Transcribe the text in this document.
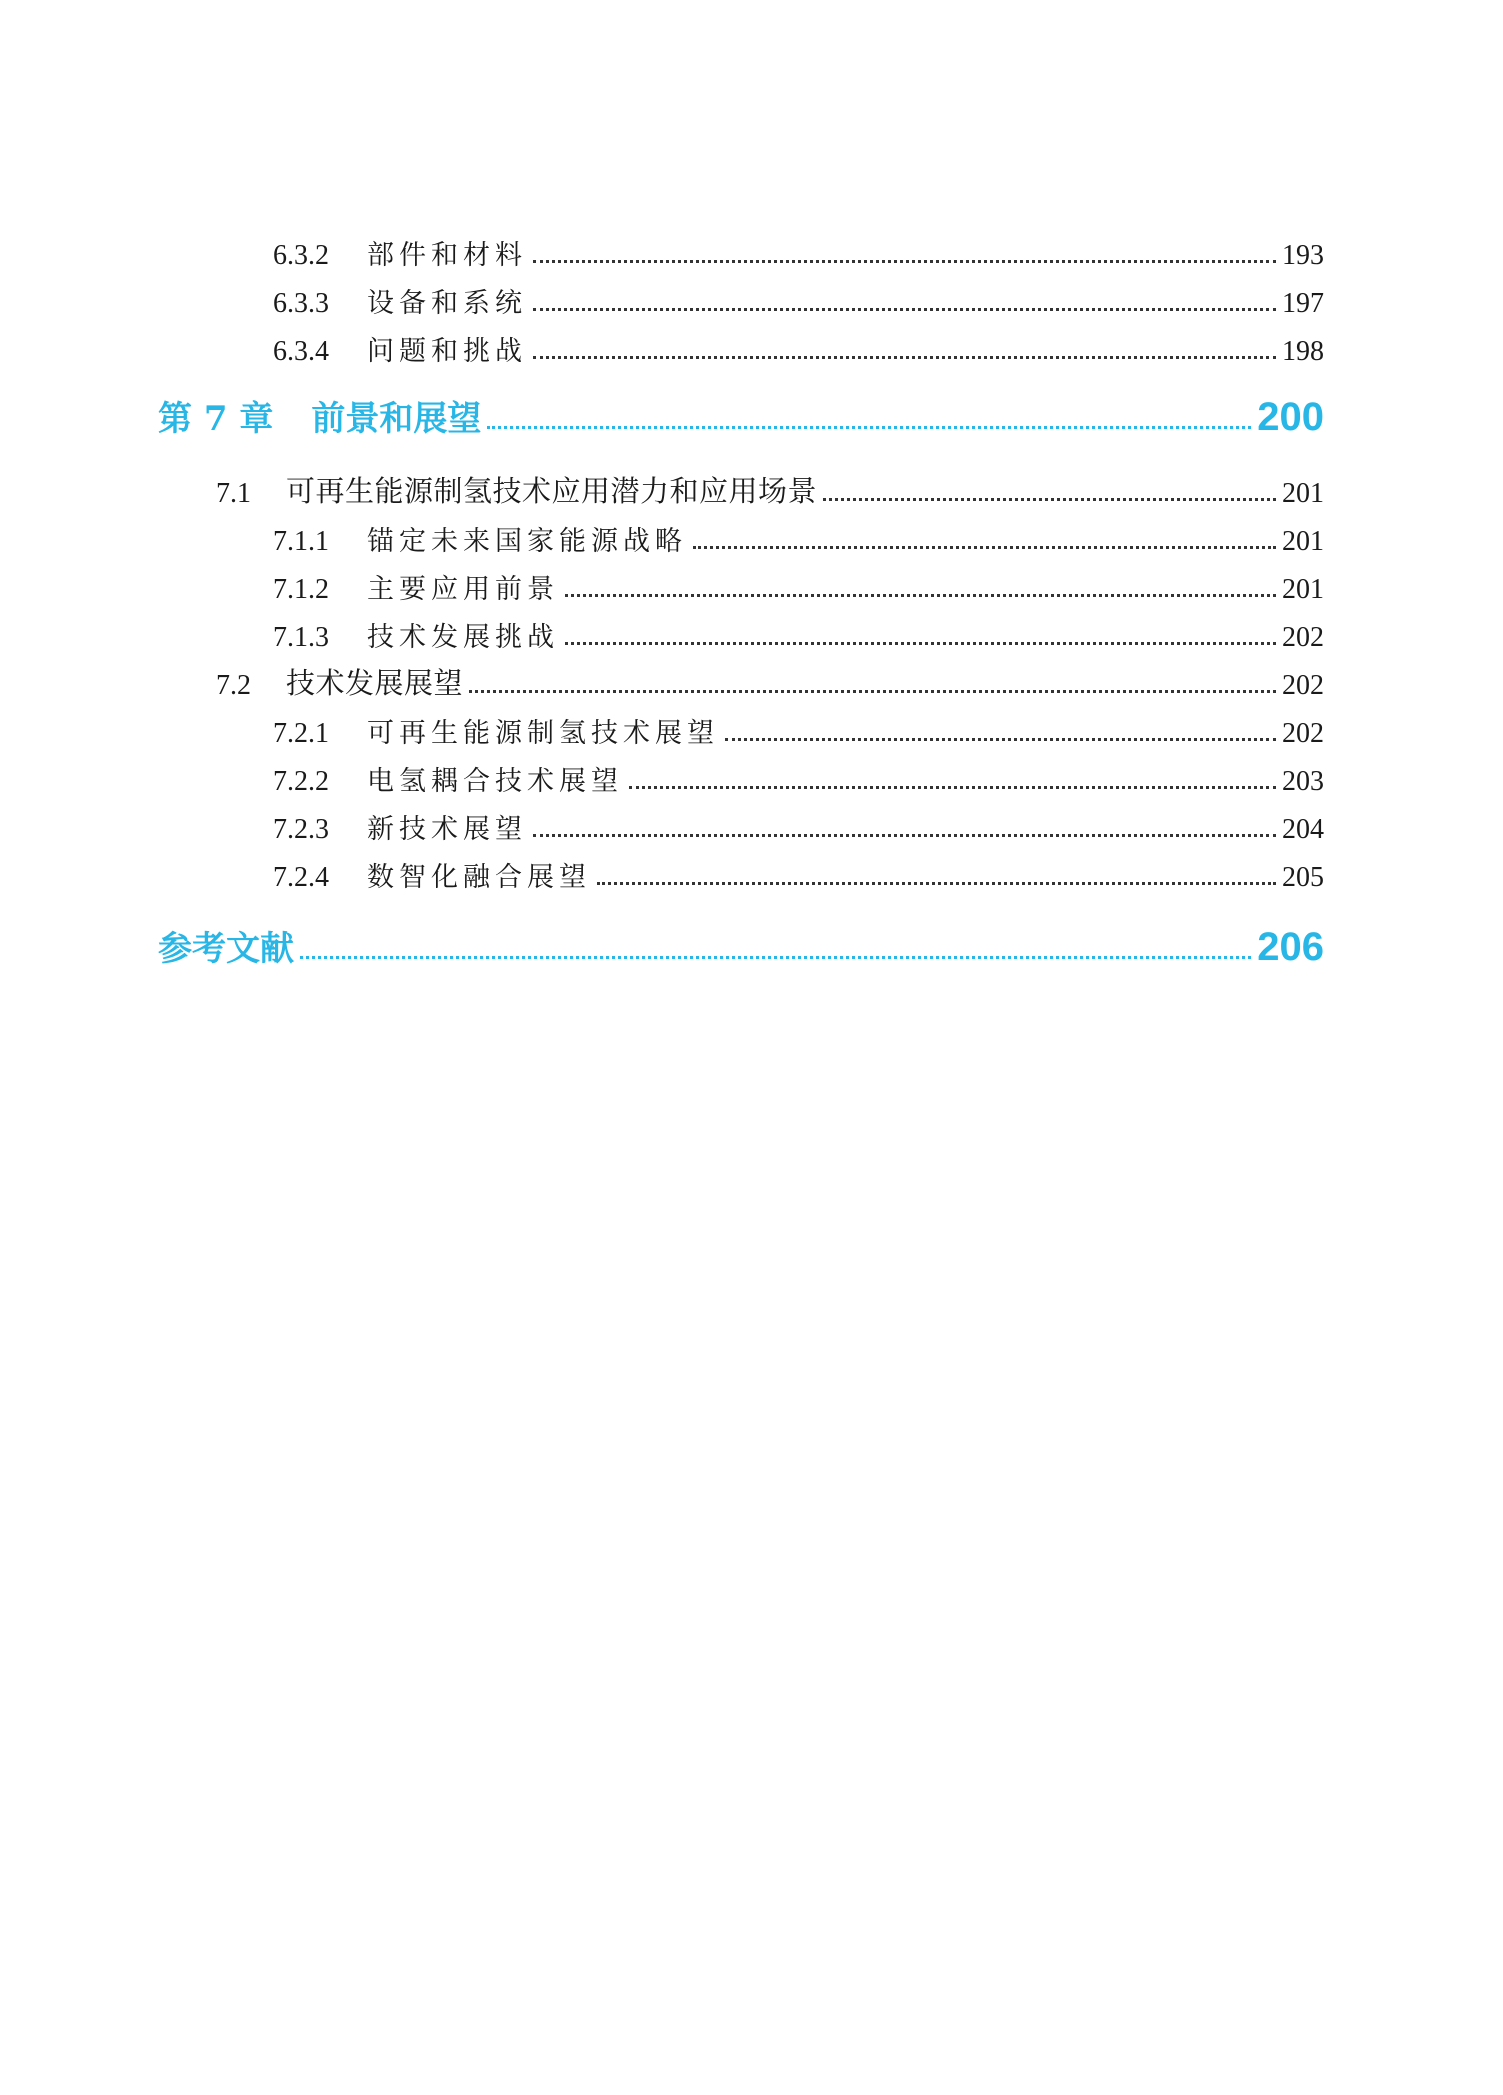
6.3.2	部件和材料	193
6.3.3	设备和系统	197
6.3.4	问题和挑战	198
第 7 章 前景和展望	200
7.1	可再生能源制氢技术应用潜力和应用场景	201
7.1.1	锚定未来国家能源战略	201
7.1.2	主要应用前景	201
7.1.3	技术发展挑战	202
7.2	技术发展展望	202
7.2.1	可再生能源制氢技术展望	202
7.2.2	电氢耦合技术展望	203
7.2.3	新技术展望	204
7.2.4	数智化融合展望	205
参考文献	206
